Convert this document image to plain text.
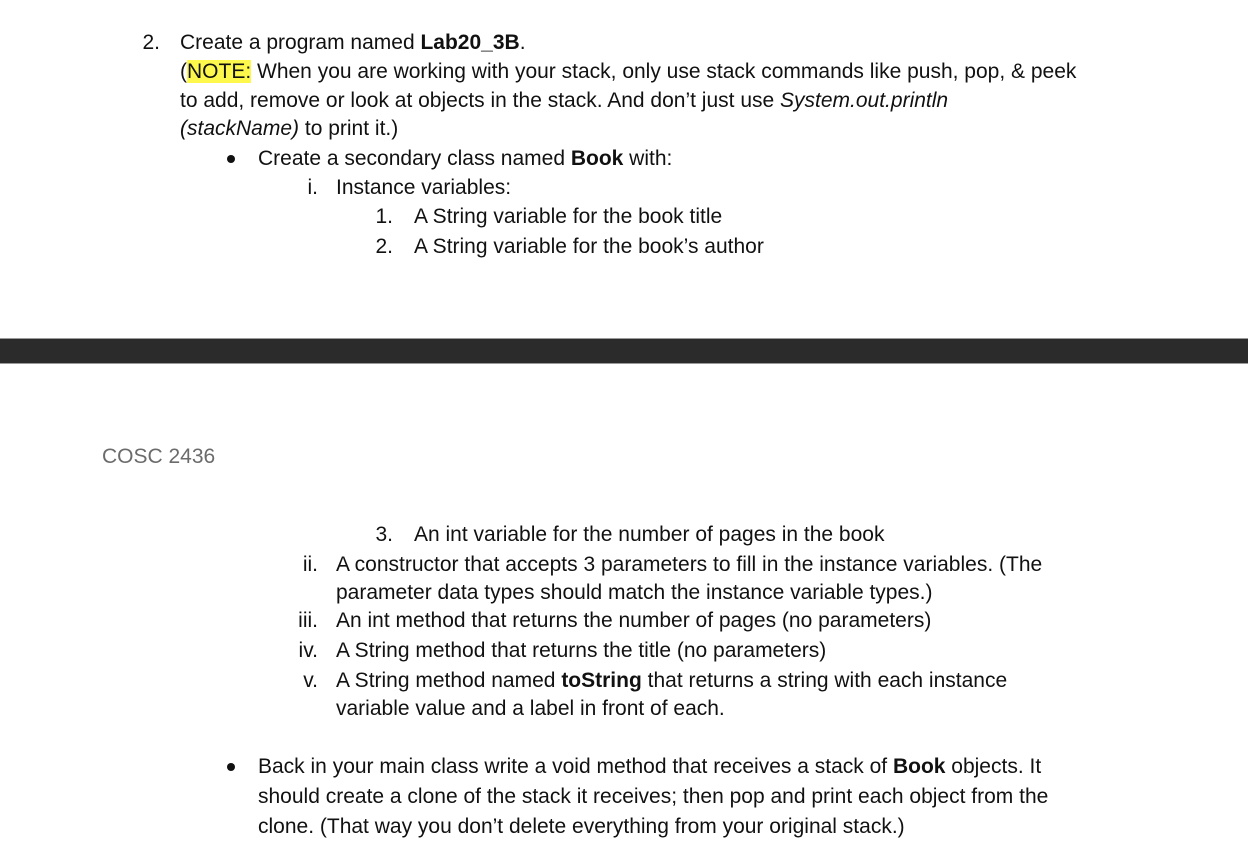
2. Create a program named Lab20_3B.
(NOTE: When you are working with your stack, only use stack commands like push, pop, & peek
to add, remove or look at objects in the stack. And don’t just use System.out.println
(stackName) to print it.)
Create a secondary class named Book with:
i. Instance variables:
1. A String variable for the book title
2. A String variable for the book’s author
COSC 2436
3. An int variable for the number of pages in the book
ii. A constructor that accepts 3 parameters to fill in the instance variables. (The
parameter data types should match the instance variable types.)
iii. An int method that returns the number of pages (no parameters)
iv. A String method that returns the title (no parameters)
v. A String method named toString that returns a string with each instance
variable value and a label in front of each.
Back in your main class write a void method that receives a stack of Book objects. It
should create a clone of the stack it receives; then pop and print each object from the
clone. (That way you don’t delete everything from your original stack.)
